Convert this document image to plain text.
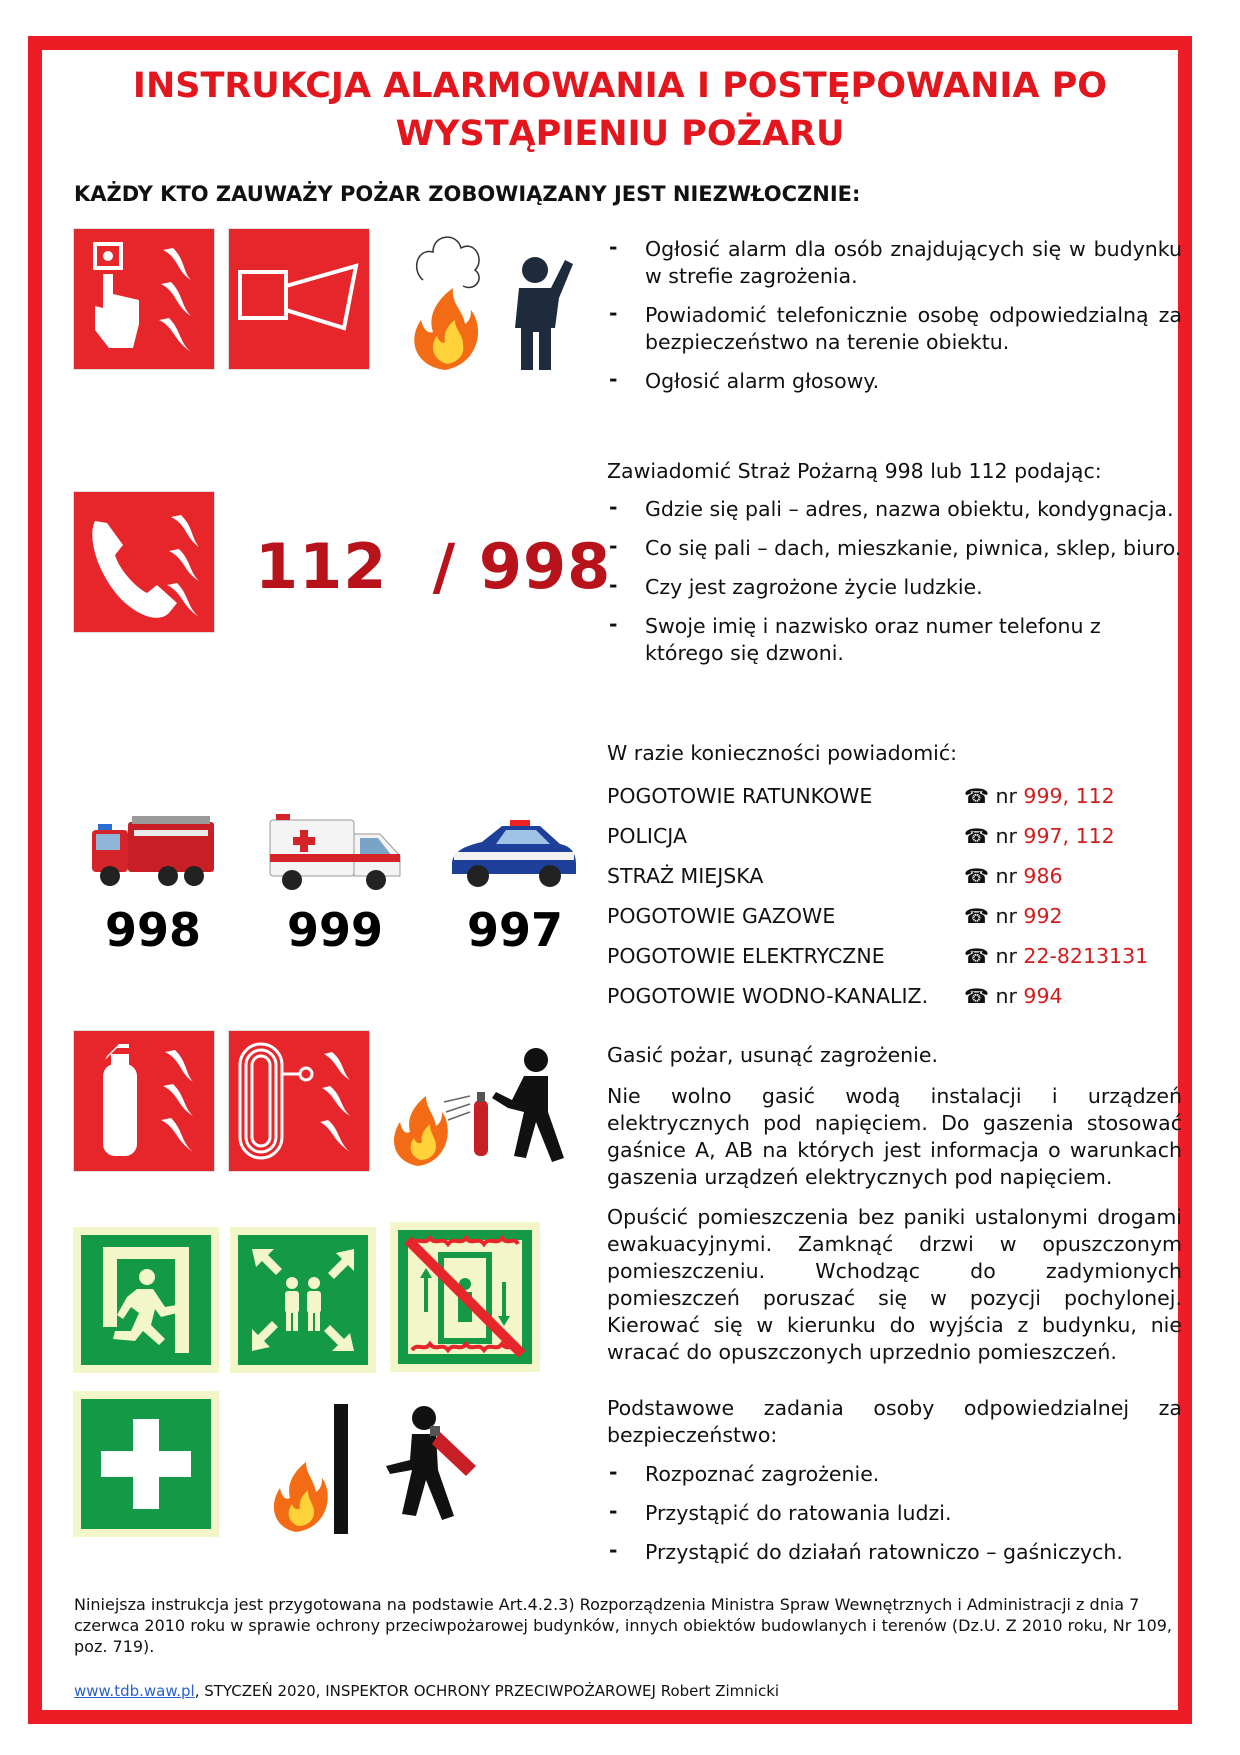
INSTRUKCJA ALARMOWANIA I POSTĘPOWANIA PO WYSTĄPIENIU POŻARU

KAŻDY KTO ZAUWAŻY POŻAR ZOBOWIĄZANY JEST NIEZWŁOCZNIE:

- Ogłosić alarm dla osób znajdujących się w budynku w strefie zagrożenia.
- Powiadomić telefonicznie osobę odpowiedzialną za bezpieczeństwo na terenie obiektu.
- Ogłosić alarm głosowy.
112  / 998

Zawiadomić Straż Pożarną 998 lub 112 podając:

- Gdzie się pali – adres, nazwa obiektu, kondygnacja.
- Co się pali – dach, mieszkanie, piwnica, sklep, biuro.
- Czy jest zagrożone życie ludzkie.
- Swoje imię i nazwisko oraz numer telefonu z którego się dzwoni.
998	999	997

W razie konieczności powiadomić:

POGOTOWIE RATUNKOWE	☎ nr 999, 112
POLICJA	☎ nr 997, 112
STRAŻ MIEJSKA	☎ nr 986
POGOTOWIE GAZOWE	☎ nr 992
POGOTOWIE ELEKTRYCZNE	☎ nr 22-8213131
POGOTOWIE WODNO-KANALIZ. ☎ nr 994

Gasić pożar, usunąć zagrożenie.

Nie wolno gasić wodą instalacji i urządzeń elektrycznych pod napięciem. Do gaszenia stosować gaśnice A, AB na których jest informacja o warunkach gaszenia urządzeń elektrycznych pod napięciem.

Opuścić pomieszczenia bez paniki ustalonymi drogami ewakuacyjnymi. Zamknąć drzwi w opuszczonym pomieszczeniu. Wchodząc do zadymionych pomieszczeń poruszać się w pozycji pochylonej. Kierować się w kierunku do wyjścia z budynku, nie wracać do opuszczonych uprzednio pomieszczeń.

Podstawowe zadania osoby odpowiedzialnej za bezpieczeństwo:

- Rozpoznać zagrożenie.
- Przystąpić do ratowania ludzi.
- Przystąpić do działań ratowniczo – gaśniczych.

Niniejsza instrukcja jest przygotowana na podstawie Art.4.2.3) Rozporządzenia Ministra Spraw Wewnętrznych i Administracji z dnia 7 czerwca 2010 roku w sprawie ochrony przeciwpożarowej budynków, innych obiektów budowlanych i terenów (Dz.U. Z 2010 roku, Nr 109, poz. 719).

www.tdb.waw.pl, STYCZEŃ 2020, INSPEKTOR OCHRONY PRZECIWPOŻAROWEJ Robert Zimnicki
